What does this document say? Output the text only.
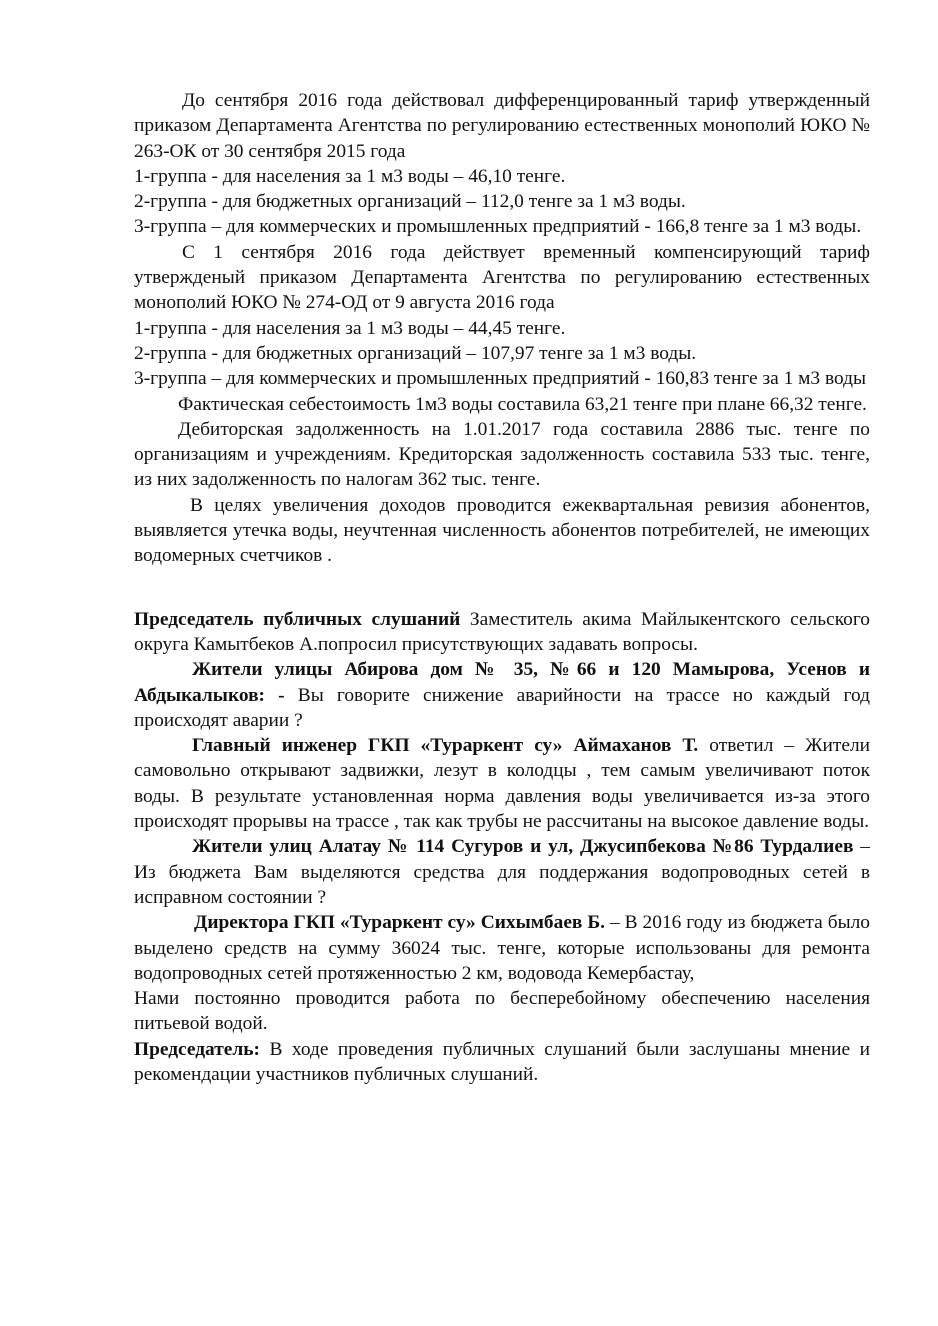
До сентября 2016 года действовал дифференцированный тариф утвержденный приказом Департамента Агентства по регулированию естественных монополий ЮКО № 263-ОК от 30 сентября 2015 года

1-группа - для населения за 1 м3 воды – 46,10 тенге.

2-группа - для бюджетных организаций – 112,0 тенге за 1 м3 воды.

3-группа – для коммерческих и промышленных предприятий - 166,8 тенге за 1 м3 воды.

С 1 сентября 2016 года действует временный компенсирующий тариф утвержденый приказом Департамента Агентства по регулированию естественных монополий ЮКО № 274-ОД от 9 августа 2016 года

1-группа - для населения за 1 м3 воды – 44,45 тенге.

2-группа - для бюджетных организаций – 107,97 тенге за 1 м3 воды.

3-группа – для коммерческих и промышленных предприятий - 160,83 тенге за 1 м3 воды

Фактическая себестоимость 1м3 воды составила 63,21 тенге при плане 66,32 тенге.

Дебиторская задолженность на 1.01.2017 года составила 2886 тыс. тенге по организациям и учреждениям. Кредиторская задолженность составила 533 тыс. тенге, из них задолженность по налогам 362 тыс. тенге.

В целях увеличения доходов проводится ежеквартальная ревизия абонентов, выявляется утечка воды, неучтенная численность абонентов потребителей, не имеющих водомерных счетчиков .

Председатель публичных слушаний Заместитель акима Майлыкентского сельского округа Камытбеков А.попросил присутствующих задавать вопросы.

Жители улицы Абирова дом № 35, №66 и 120 Мамырова, Усенов и Абдыкалыков: - Вы говорите снижение аварийности на трассе но каждый год происходят аварии ?

Главный инженер ГКП «Тураркент су» Аймаханов Т. ответил – Жители самовольно открывают задвижки, лезут в колодцы , тем самым увеличивают поток воды. В результате установленная норма давления воды увеличивается из-за этого происходят прорывы на трассе , так как трубы не рассчитаны на высокое давление воды.

Жители улиц Алатау № 114 Сугуров и ул, Джусипбекова №86 Турдалиев – Из бюджета Вам выделяются средства для поддержания водопроводных сетей в исправном состоянии ?

Директора ГКП «Тураркент су» Сихымбаев Б. – В 2016 году из бюджета было выделено средств на сумму 36024 тыс. тенге, которые использованы для ремонта водопроводных сетей протяженностью 2 км, водовода Кемербастау,

Нами постоянно проводится работа по бесперебойному обеспечению населения питьевой водой.

Председатель: В ходе проведения публичных слушаний были заслушаны мнение и рекомендации участников публичных слушаний.
